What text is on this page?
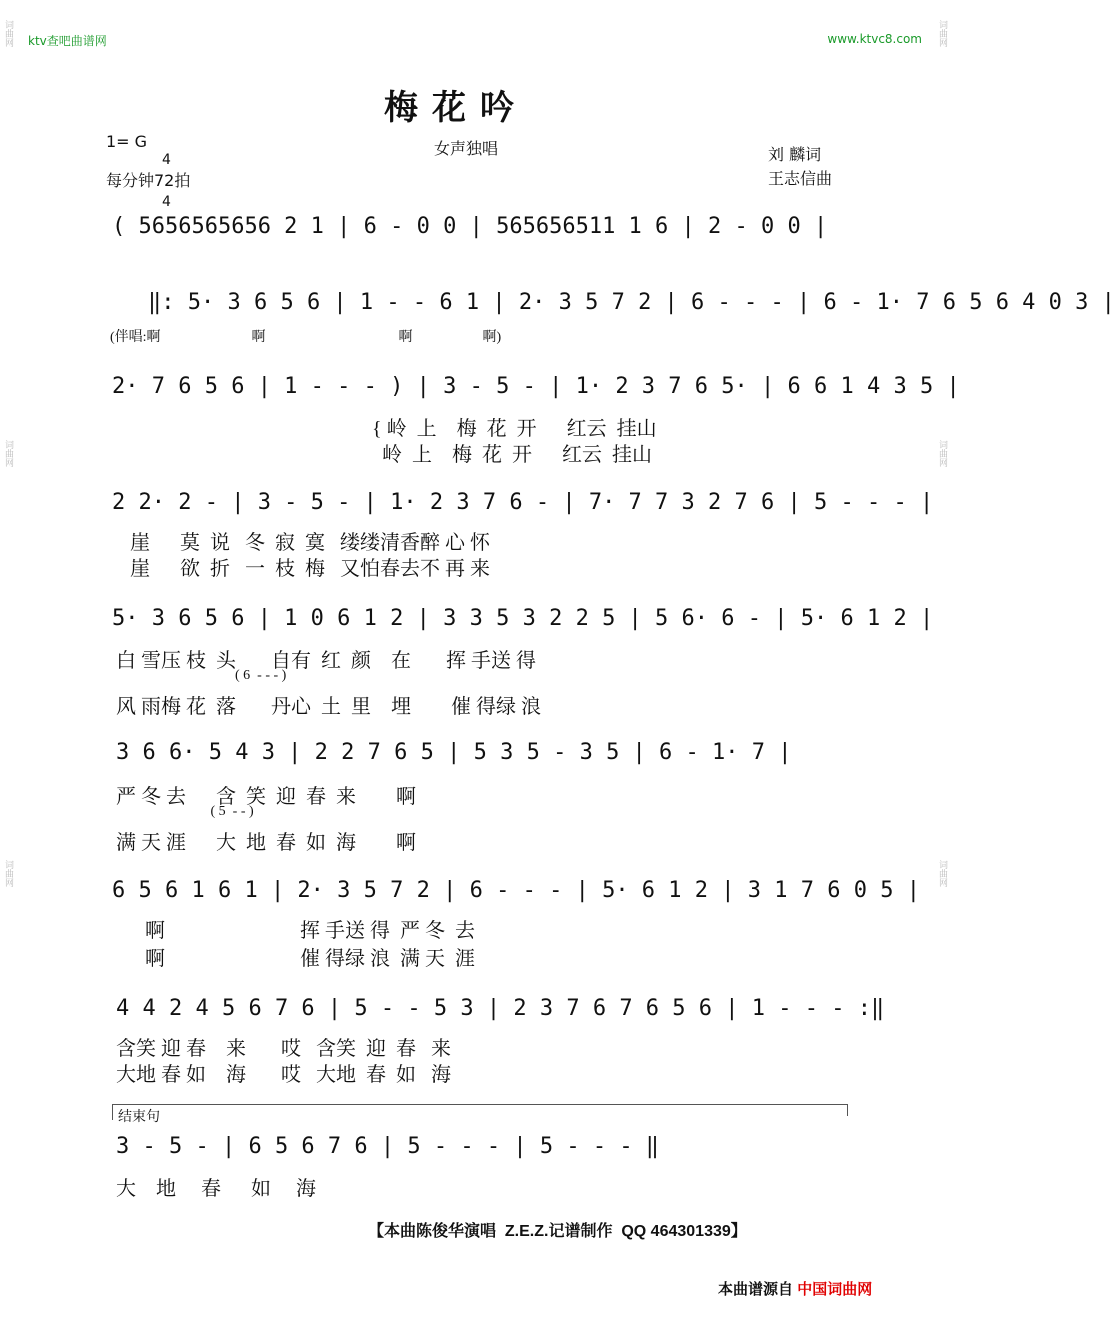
词曲网
词曲网
词曲网
词曲网
词曲网
词曲网
ktv查吧曲谱网	www.ktvc8.com
梅花吟
1= G

4

4

每分钟72拍
女声独唱	刘 麟词
王志信曲
( 5656565656 2 1 | 6 - 0 0 | 565656511 1 6 | 2 - 0 0 |
‖: 5· 3 6 5 6 | 1 - - 6 1 | 2· 3 5 7 2 | 6 - - - | 6 - 1· 7 6 5 6 4 0 3 |
(伴唱:啊                          啊                                      啊                    啊)
2· 7 6 5 6 | 1 - - - ) | 3 - 5 - | 1· 2 3 7 6 5· | 6 6 1 4 3 5 |
{ 岭  上    梅  花  开      红云  挂山
岭  上    梅  花  开      红云  挂山
2 2· 2 - | 3 - 5 - | 1· 2 3 7 6 - | 7· 7 7 3 2 7 6 | 5 - - - |
崖      莫  说   冬  寂  寞   缕缕清香醉 心 怀
崖      欲  折   一  枝  梅   又怕春去不 再 来
5· 3 6 5 6 | 1 0 6 1 2 | 3 3 5 3 2 2 5 | 5 6· 6 - | 5· 6 1 2 |
白 雪压 枝  头       自有  红  颜    在       挥 手送 得
( 6  - - - )
风 雨梅 花  落       丹心  土  里    埋        催 得绿 浪
3 6 6· 5 4 3 | 2 2 7 6 5 | 5 3 5 - 3 5 | 6 - 1· 7 |
严 冬 去      含  笑  迎  春  来        啊
( 5  - - )
满 天 涯      大  地  春  如  海        啊
6 5 6 1 6 1 | 2· 3 5 7 2 | 6 - - - | 5· 6 1 2 | 3 1 7 6 0 5 |
啊                           挥 手送 得  严 冬  去
啊                           催 得绿 浪  满 天  涯
4 4 2 4 5 6 7 6 | 5 - - 5 3 | 2 3 7 6 7 6 5 6 | 1 - - - :‖
含笑 迎 春    来       哎   含笑  迎  春   来
大地 春 如    海       哎   大地  春  如   海
结束句
3 - 5 - | 6 5 6 7 6 | 5 - - - | 5 - - - ‖
大    地     春      如     海
【本曲陈俊华演唱  Z.E.Z.记谱制作  QQ 464301339】
本曲谱源自 中国词曲网
